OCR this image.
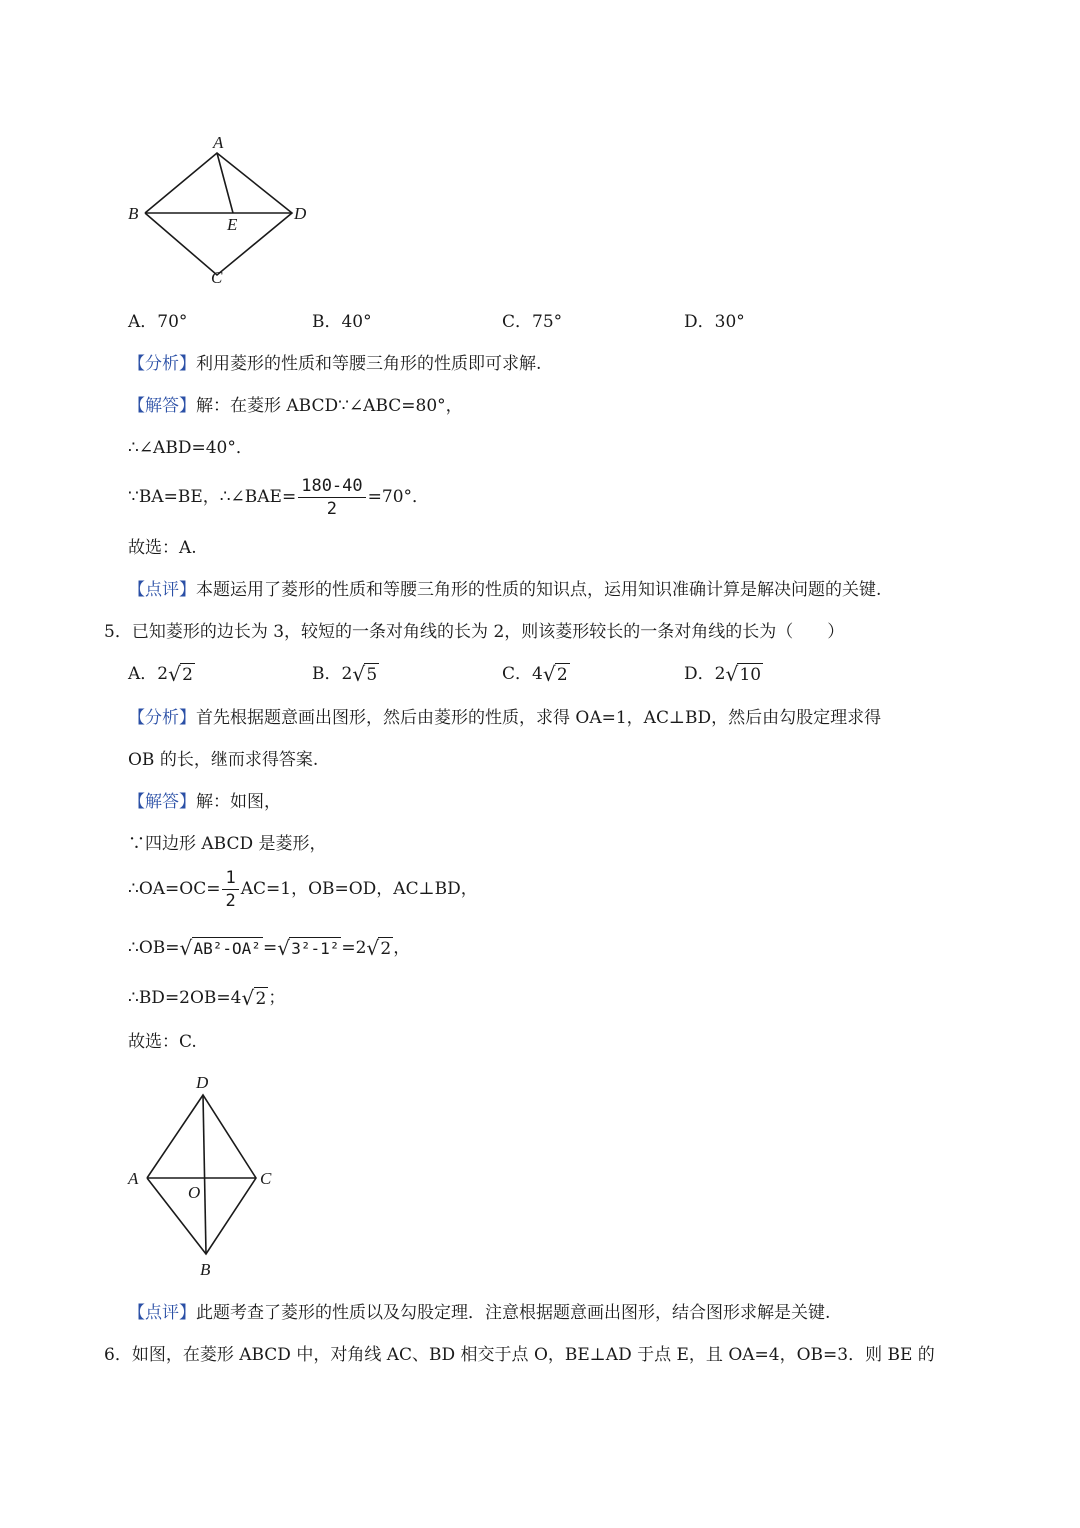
A
B	D
E
C
A．70°	B．40°	C．75°	D．30°
【分析】利用菱形的性质和等腰三角形的性质即可求解.
【解答】解：在菱形 ABCD∵∠ABC=80°，
∴∠ABD=40°．
∵BA=BE，∴∠BAE= $\frac{180-40}{2} =70^\circ$．
故选：A.
【点评】本题运用了菱形的性质和等腰三角形的性质的知识点，运用知识准确计算是解决问题的关键.
5．已知菱形的边长为 3，较短的一条对角线的长为 2，则该菱形较长的一条对角线的长为（　　）
A．2 √ 2	B．2 √ 5	C．4 √ 2	D．2 √ 10
【分析】首先根据题意画出图形，然后由菱形的性质，求得 OA=1，AC⊥BD，然后由勾股定理求得
OB 的长，继而求得答案.
【解答】解：如图，
∵四边形 ABCD 是菱形，
∴OA=OC= $\frac{1}{2} AC=1$，OB=OD，AC⊥BD，
∴OB= √ AB²-OA² = √ 3²-1² =2 √ 2 ，
∴BD=2OB=4 √ 2 ；
故选：C.
D
A	C
O
B
【点评】此题考查了菱形的性质以及勾股定理．注意根据题意画出图形，结合图形求解是关键.
6．如图，在菱形 ABCD 中，对角线 AC、BD 相交于点 O，BE⊥AD 于点 E，且 OA=4，OB=3．则 BE 的
